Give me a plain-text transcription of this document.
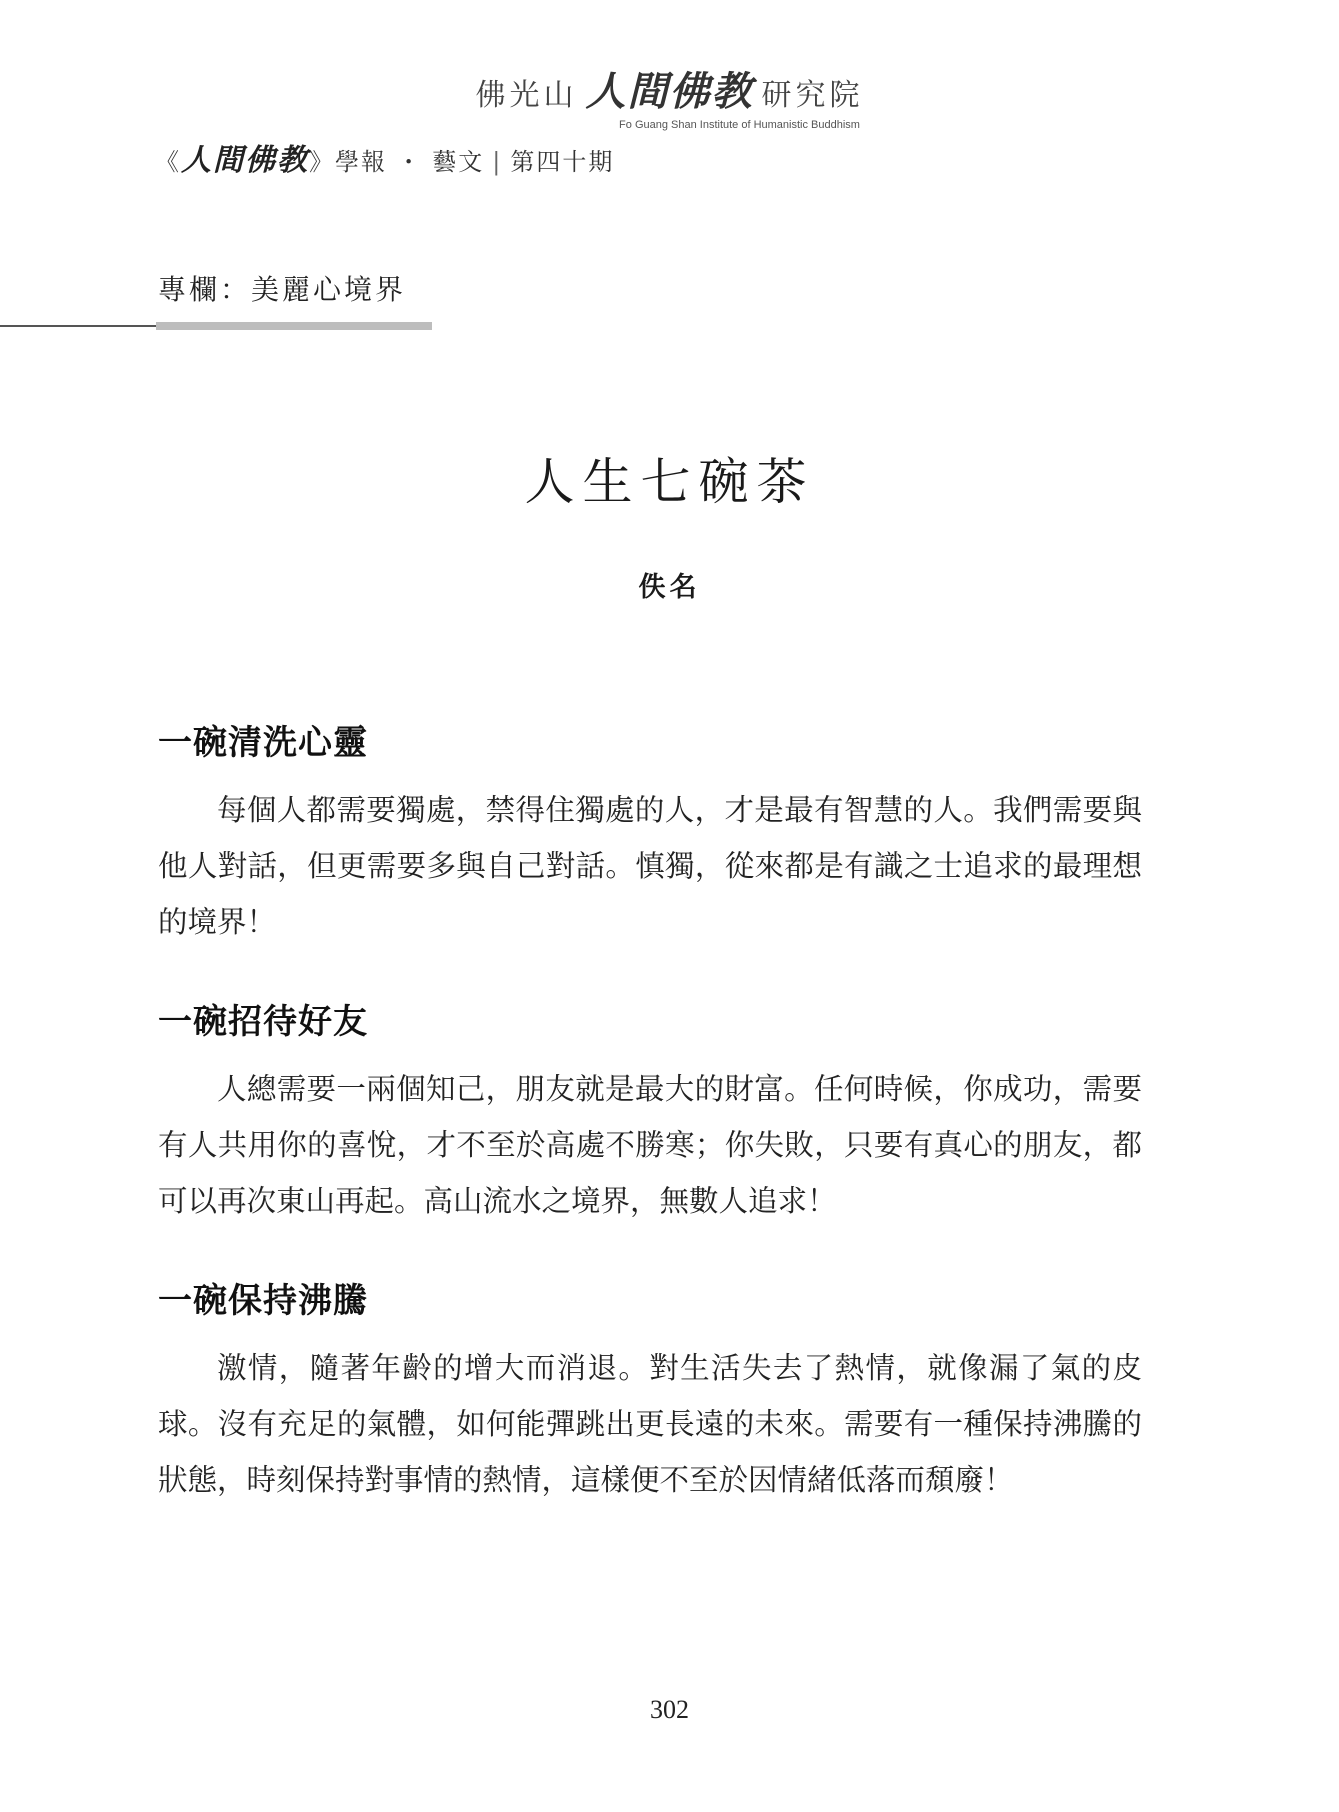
佛光山 人間佛教 研究院
Fo Guang Shan Institute of Humanistic Buddhism
《 人間佛教 》學報 ・ 藝文 | 第四十期
專欄：美麗心境界
人生七碗茶
佚名
一碗清洗心靈

每個人都需要獨處，禁得住獨處的人，才是最有智慧的人。我們需要與他人對話，但更需要多與自己對話。慎獨，從來都是有識之士追求的最理想的境界！

一碗招待好友

人總需要一兩個知己，朋友就是最大的財富。任何時候，你成功，需要有人共用你的喜悅，才不至於高處不勝寒；你失敗，只要有真心的朋友，都可以再次東山再起。高山流水之境界，無數人追求！

一碗保持沸騰

激情，隨著年齡的增大而消退。對生活失去了熱情，就像漏了氣的皮球。沒有充足的氣體，如何能彈跳出更長遠的未來。需要有一種保持沸騰的狀態，時刻保持對事情的熱情，這樣便不至於因情緒低落而頹廢！

302
